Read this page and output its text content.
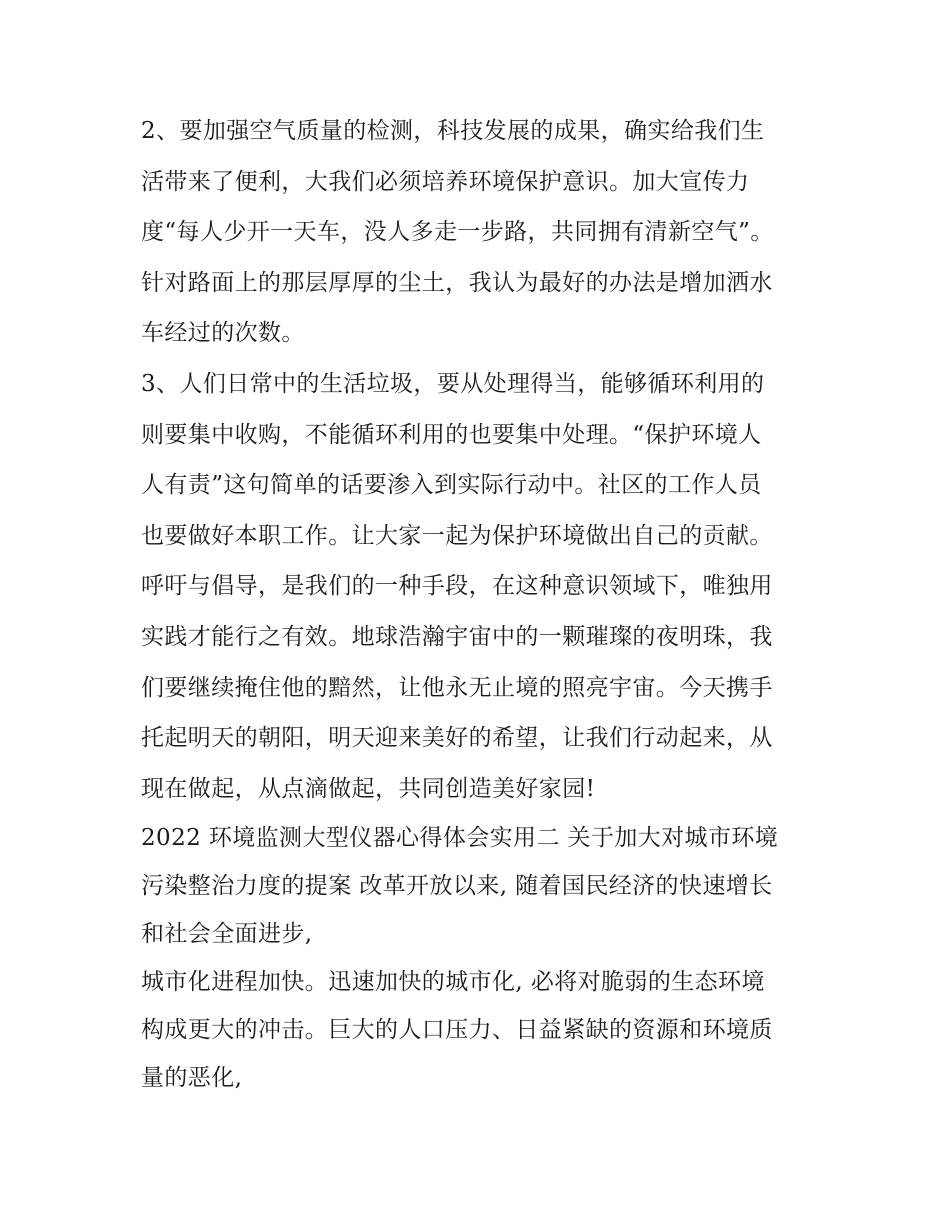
2、要加强空气质量的检测，科技发展的成果，确实给我们生
活带来了便利，大我们必须培养环境保护意识。加大宣传力
度“每人少开一天车，没人多走一步路，共同拥有清新空气”。
针对路面上的那层厚厚的尘土，我认为最好的办法是增加洒水
车经过的次数。
3、人们日常中的生活垃圾，要从处理得当，能够循环利用的
则要集中收购，不能循环利用的也要集中处理。“保护环境人
人有责”这句简单的话要渗入到实际行动中。社区的工作人员
也要做好本职工作。让大家一起为保护环境做出自己的贡献。
呼吁与倡导，是我们的一种手段，在这种意识领域下，唯独用
实践才能行之有效。地球浩瀚宇宙中的一颗璀璨的夜明珠，我
们要继续掩住他的黯然，让他永无止境的照亮宇宙。今天携手
托起明天的朝阳，明天迎来美好的希望，让我们行动起来，从
现在做起，从点滴做起，共同创造美好家园!
2022 环境监测大型仪器心得体会实用二 关于加大对城市环境
污染整治力度的提案 改革开放以来, 随着国民经济的快速增长
和社会全面进步,
城市化进程加快。迅速加快的城市化, 必将对脆弱的生态环境
构成更大的冲击。巨大的人口压力、日益紧缺的资源和环境质
量的恶化,
